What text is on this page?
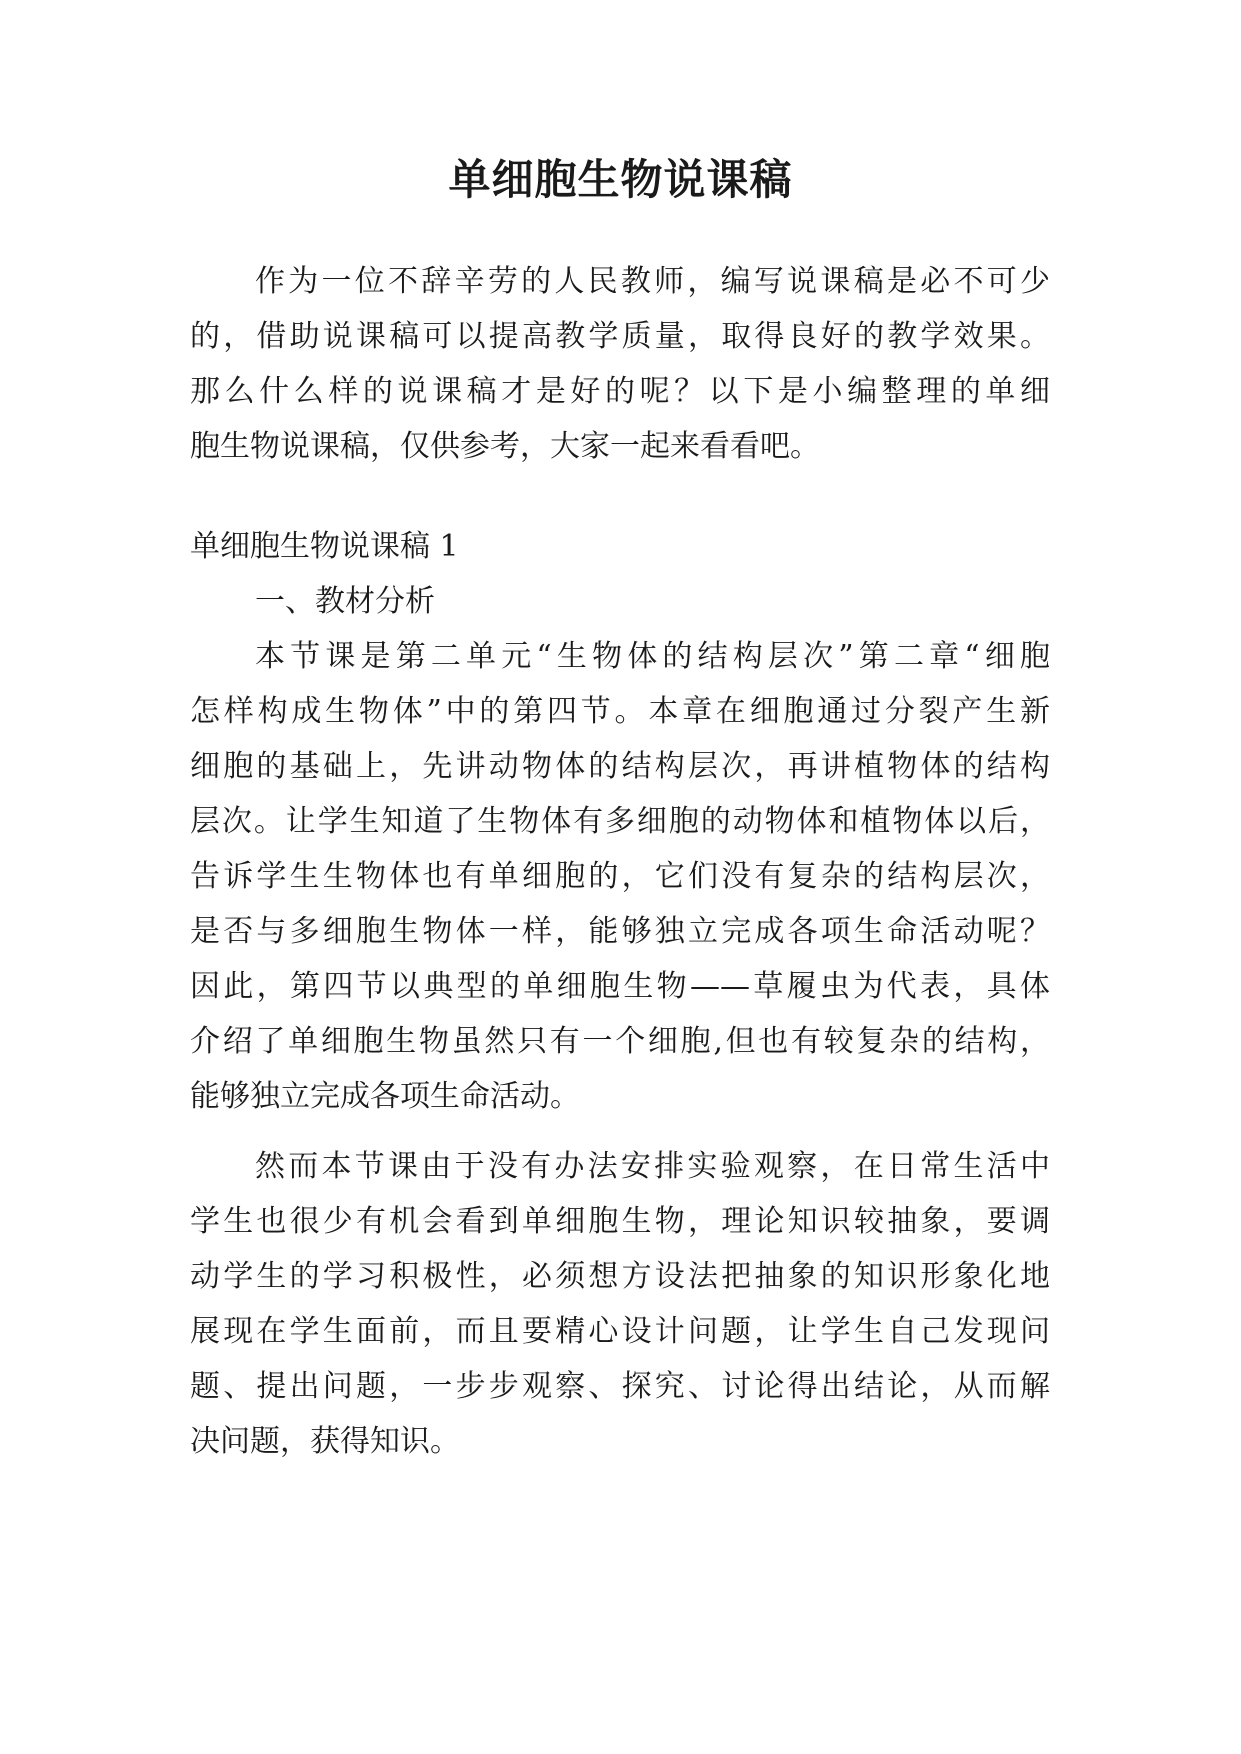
单细胞生物说课稿
作为一位不辞辛劳的人民教师，编写说课稿是必不可少
的，借助说课稿可以提高教学质量，取得良好的教学效果。
那么什么样的说课稿才是好的呢？以下是小编整理的单细
胞生物说课稿，仅供参考，大家一起来看看吧。
单细胞生物说课稿 1
一、教材分析
本节课是第二单元“生物体的结构层次”第二章“细胞
怎样构成生物体”中的第四节。本章在细胞通过分裂产生新
细胞的基础上，先讲动物体的结构层次，再讲植物体的结构
层次。让学生知道了生物体有多细胞的动物体和植物体以后，
告诉学生生物体也有单细胞的，它们没有复杂的结构层次，
是否与多细胞生物体一样，能够独立完成各项生命活动呢？
因此，第四节以典型的单细胞生物——草履虫为代表，具体
介绍了单细胞生物虽然只有一个细胞,但也有较复杂的结构，
能够独立完成各项生命活动。
然而本节课由于没有办法安排实验观察，在日常生活中
学生也很少有机会看到单细胞生物，理论知识较抽象，要调
动学生的学习积极性，必须想方设法把抽象的知识形象化地
展现在学生面前，而且要精心设计问题，让学生自己发现问
题、提出问题，一步步观察、探究、讨论得出结论，从而解
决问题，获得知识。
